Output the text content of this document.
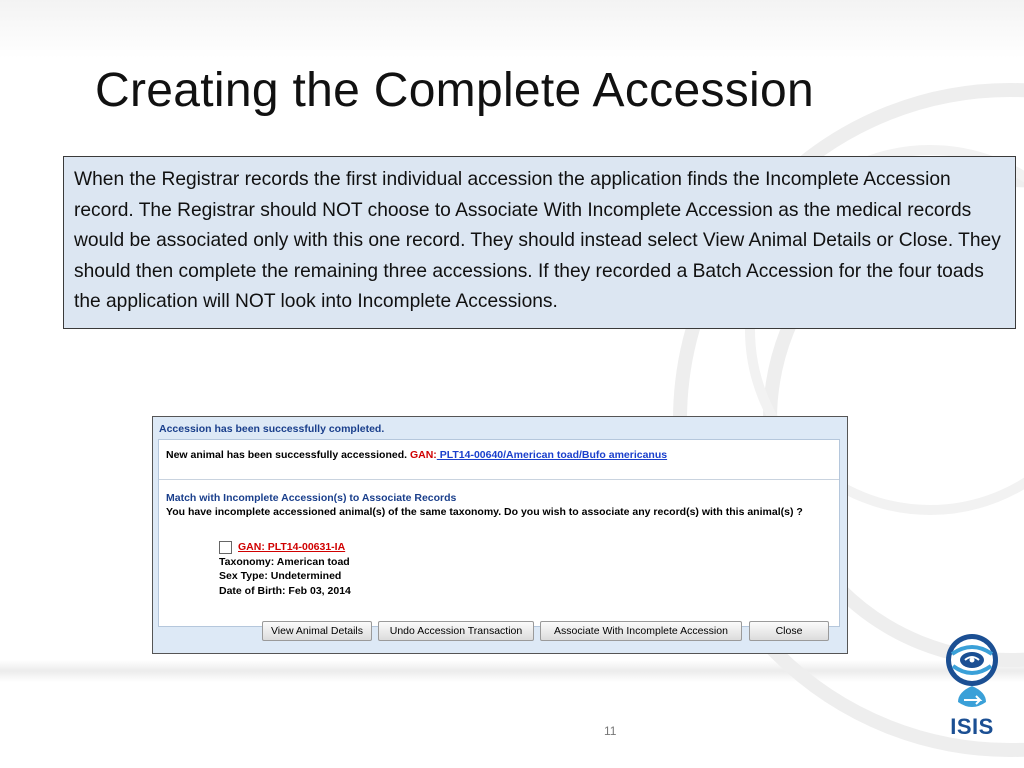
Creating the Complete Accession
When the Registrar records the first individual accession the application finds the Incomplete Accession record. The Registrar should NOT choose to Associate With Incomplete Accession as the medical records would be associated only with this one record. They should instead select View Animal Details or Close. They should then complete the remaining three accessions. If they recorded a Batch Accession for the four toads the application will NOT look into Incomplete Accessions.
Accession has been successfully completed.
New animal has been successfully accessioned. GAN: PLT14-00640/American toad/Bufo americanus
Match with Incomplete Accession(s) to Associate Records
You have incomplete accessioned animal(s) of the same taxonomy. Do you wish to associate any record(s) with this animal(s) ?
GAN: PLT14-00631-IA
Taxonomy: American toad
Sex Type: Undetermined
Date of Birth: Feb 03, 2014
View Animal Details	Undo Accession Transaction	Associate With Incomplete Accession	Close
11	ISIS
